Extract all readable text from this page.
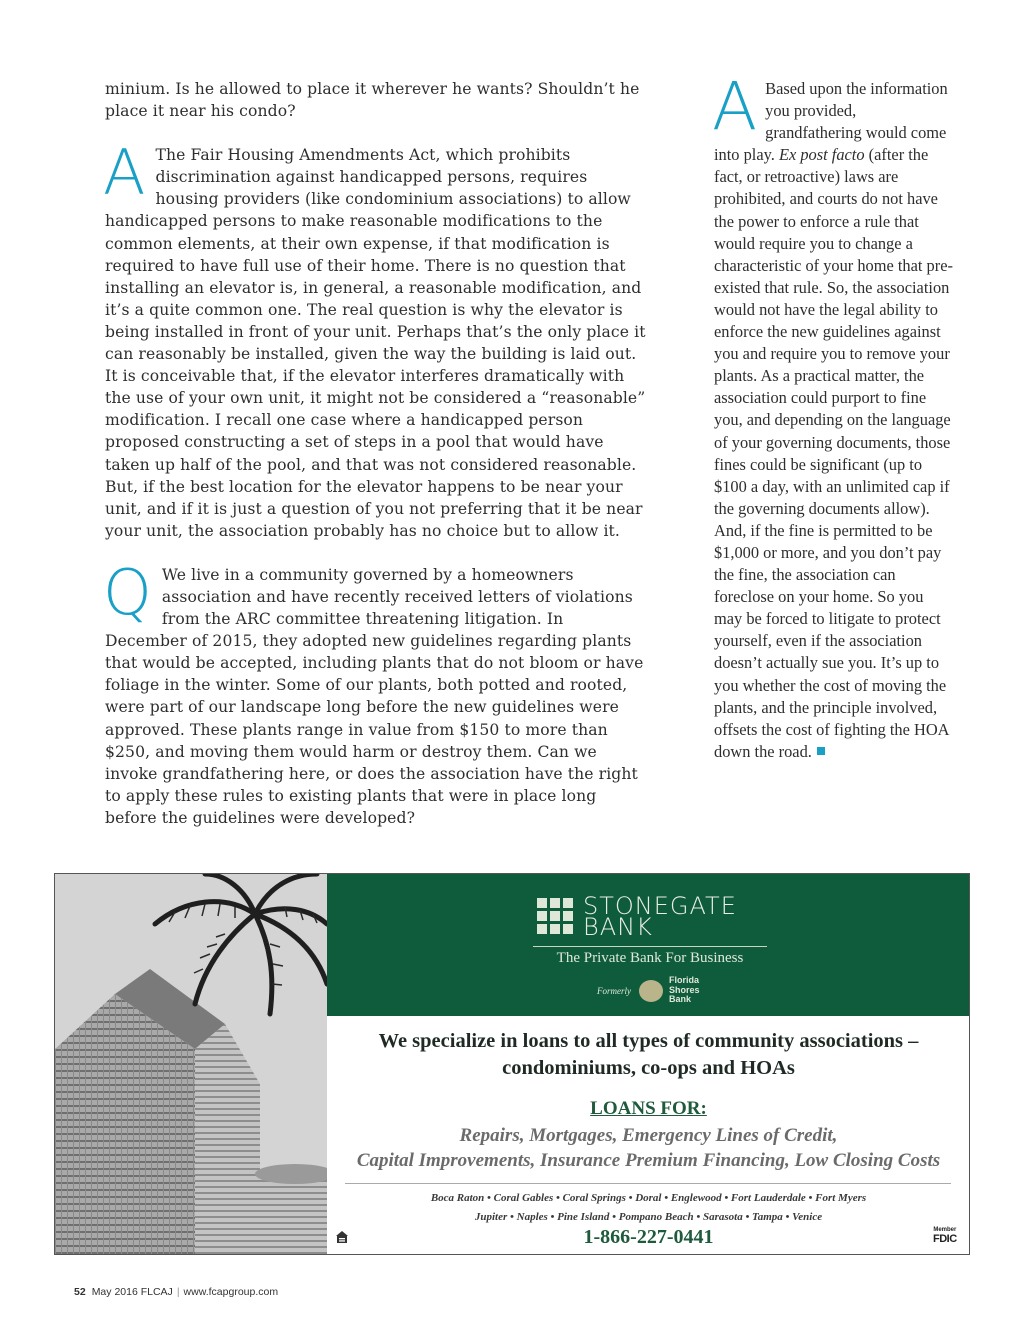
minium. Is he allowed to place it wherever he wants? Shouldn’t he place it near his condo?

A The Fair Housing Amendments Act, which prohibits discrimination against handicapped persons, requires housing providers (like condominium associations) to allow handicapped persons to make reasonable modifications to the common elements, at their own expense, if that modification is required to have full use of their home. There is no question that installing an elevator is, in general, a reasonable modification, and it’s a quite common one. The real question is why the elevator is being installed in front of your unit. Perhaps that’s the only place it can reasonably be installed, given the way the building is laid out. It is conceivable that, if the elevator interferes dramatically with the use of your own unit, it might not be considered a “reasonable” modification. I recall one case where a handicapped person proposed constructing a set of steps in a pool that would have taken up half of the pool, and that was not considered reasonable. But, if the best location for the elevator happens to be near your unit, and if it is just a question of you not preferring that it be near your unit, the association probably has no choice but to allow it.

Q We live in a community governed by a homeowners association and have recently received letters of violations from the ARC committee threatening litigation. In December of 2015, they adopted new guidelines regarding plants that would be accepted, including plants that do not bloom or have foliage in the winter. Some of our plants, both potted and rooted, were part of our landscape long before the new guidelines were approved. These plants range in value from $150 to more than $250, and moving them would harm or destroy them. Can we invoke grandfathering here, or does the association have the right to apply these rules to existing plants that were in place long before the guidelines were developed?

A Based upon the information you provided, grandfathering would come into play. Ex post facto (after the fact, or retroactive) laws are prohibited, and courts do not have the power to enforce a rule that would require you to change a characteristic of your home that pre-existed that rule. So, the association would not have the legal ability to enforce the new guidelines against you and require you to remove your plants. As a practical matter, the association could purport to fine you, and depending on the language of your governing documents, those fines could be significant (up to $100 a day, with an unlimited cap if the governing documents allow). And, if the fine is permitted to be $1,000 or more, and you don’t pay the fine, the association can foreclose on your home. So you may be forced to litigate to protect yourself, even if the association doesn’t actually sue you. It’s up to you whether the cost of moving the plants, and the principle involved, offsets the cost of fighting the HOA down the road.

STONEGATE
BANK
The Private Bank For Business
Formerly
Florida
Shores
Bank
We specialize in loans to all types of community associations –
condominiums, co-ops and HOAs
LOANS FOR:
Repairs, Mortgages, Emergency Lines of Credit,
Capital Improvements, Insurance Premium Financing, Low Closing Costs
Boca Raton • Coral Gables • Coral Springs • Doral • Englewood • Fort Lauderdale • Fort Myers
Jupiter • Naples • Pine Island • Pompano Beach • Sarasota • Tampa • Venice
1-866-227-0441	Member
FDIC
52 May 2016 FLCAJ | www.fcapgroup.com
